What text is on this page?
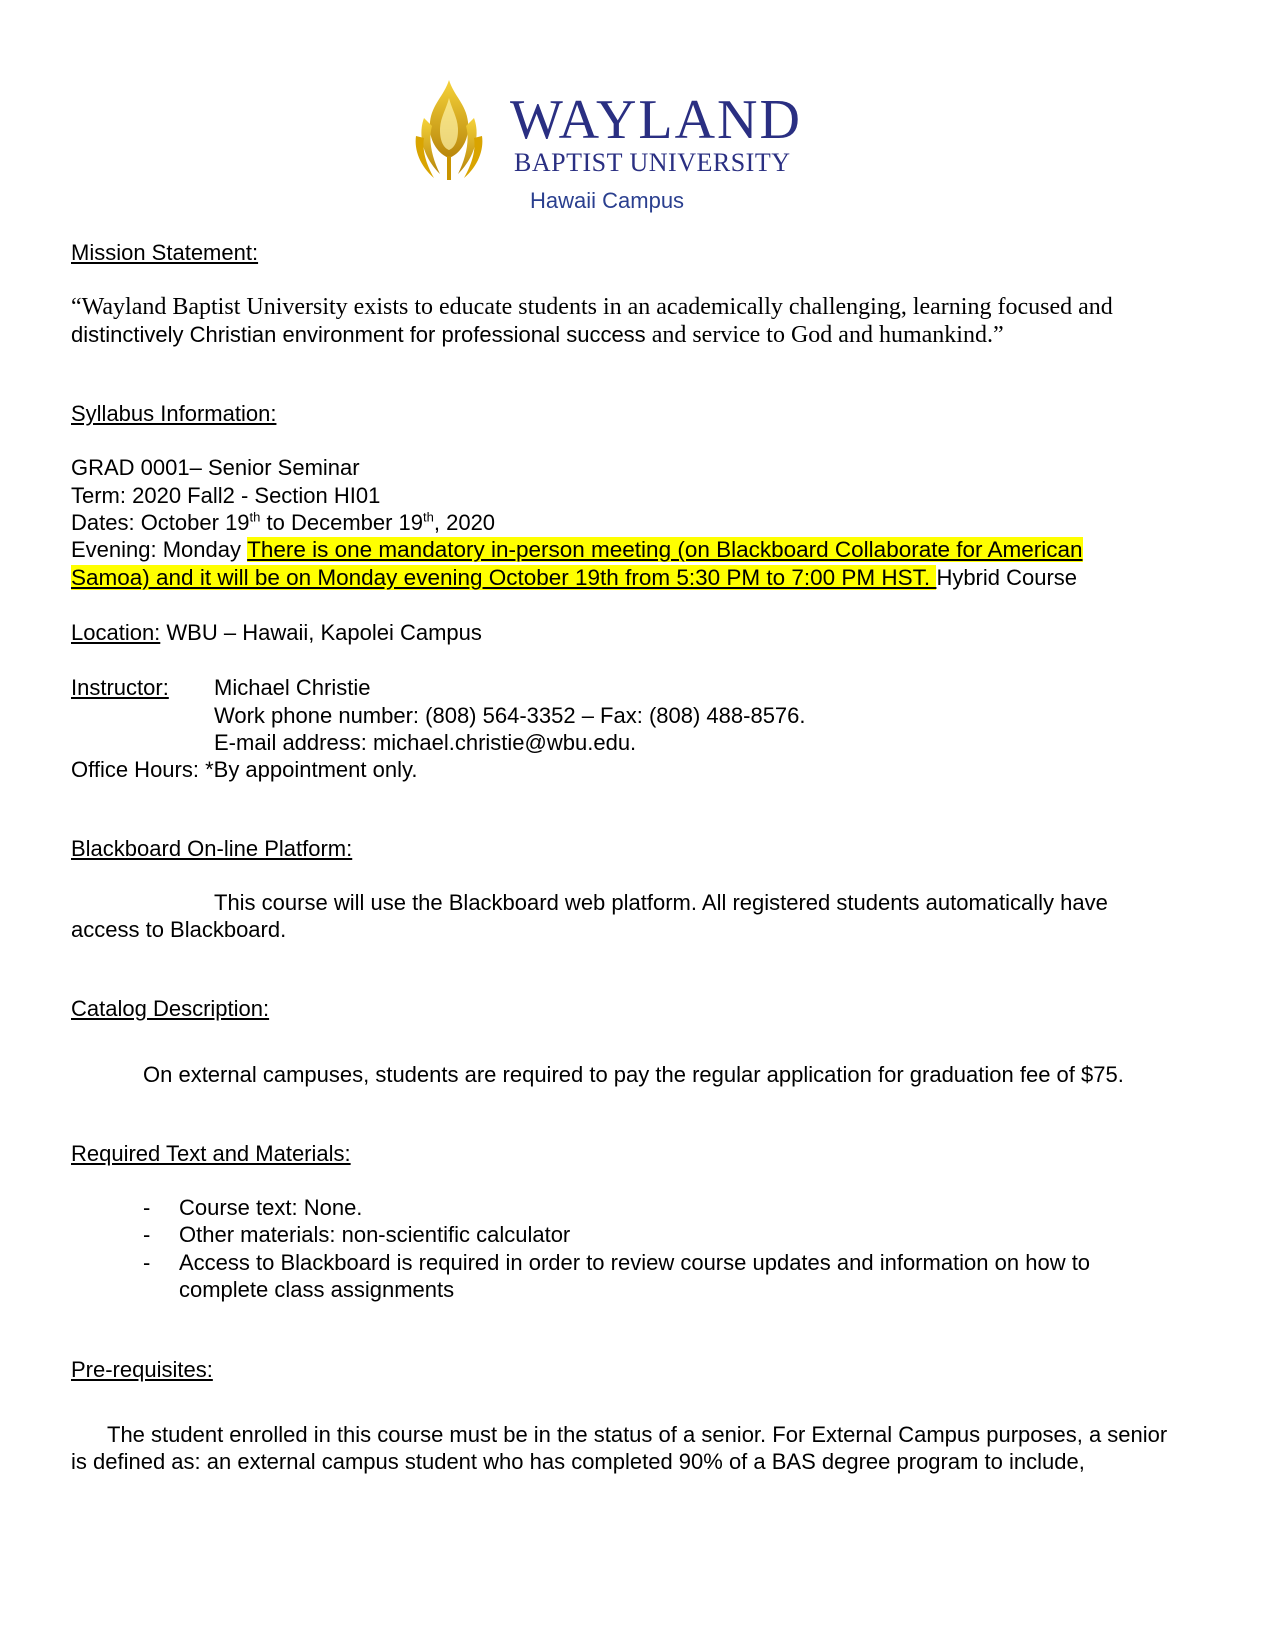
WAYLAND
BAPTIST UNIVERSITY
Hawaii Campus
Mission Statement:
“Wayland Baptist University exists to educate students in an academically challenging, learning focused and
distinctively Christian environment for professional success and service to God and humankind.”
Syllabus Information:
GRAD 0001– Senior Seminar
Term: 2020 Fall2 - Section HI01
Dates: October 19th to December 19th, 2020
Evening: Monday There is one mandatory in-person meeting (on Blackboard Collaborate for American
Samoa) and it will be on Monday evening October 19th from 5:30 PM to 7:00 PM HST. Hybrid Course
Location: WBU – Hawaii, Kapolei Campus
Instructor: Michael Christie
Work phone number: (808) 564-3352 – Fax: (808) 488-8576.
E-mail address: michael.christie@wbu.edu.
Office Hours: *By appointment only.
Blackboard On-line Platform:
This course will use the Blackboard web platform. All registered students automatically have
access to Blackboard.
Catalog Description:
On external campuses, students are required to pay the regular application for graduation fee of $75.
Required Text and Materials:
- Course text: None.
- Other materials: non-scientific calculator
- Access to Blackboard is required in order to review course updates and information on how to
complete class assignments
Pre-requisites:
The student enrolled in this course must be in the status of a senior. For External Campus purposes, a senior
is defined as: an external campus student who has completed 90% of a BAS degree program to include,
